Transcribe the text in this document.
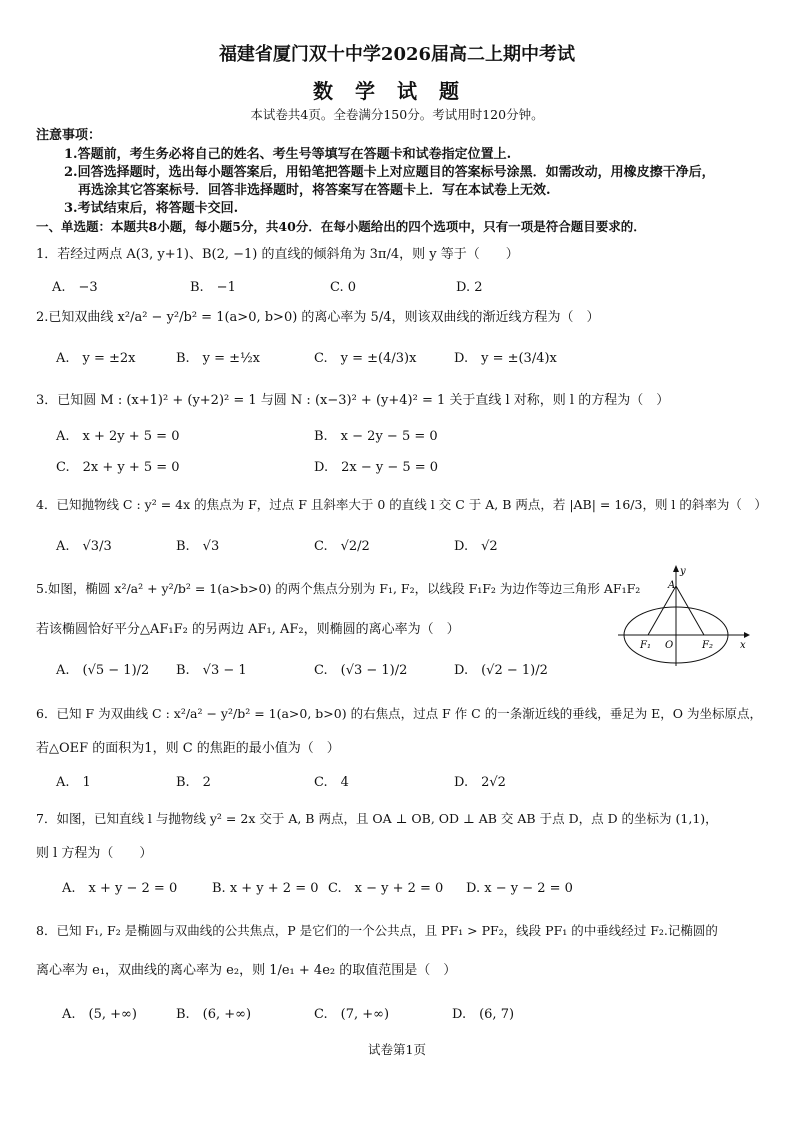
福建省厦门双十中学2026届高二上期中考试
数学试题
本试卷共4页。全卷满分150分。考试用时120分钟。
注意事项：
1.答题前，考生务必将自己的姓名、考生号等填写在答题卡和试卷指定位置上.
2.回答选择题时，选出每小题答案后，用铅笔把答题卡上对应题目的答案标号涂黑．如需改动，用橡皮擦干净后，
再选涂其它答案标号．回答非选择题时，将答案写在答题卡上．写在本试卷上无效.
3.考试结束后，将答题卡交回.
一、单选题：本题共8小题，每小题5分，共40分．在每小题给出的四个选项中，只有一项是符合题目要求的．
1．若经过两点 A(3, y+1)、B(2, −1) 的直线的倾斜角为 3π/4，则 y 等于（　　）
A.　−3	B.　−1	C. 0	D. 2
2.已知双曲线 x²/a² − y²/b² = 1(a>0, b>0) 的离心率为 5/4，则该双曲线的渐近线方程为（　）
A.　y = ±2x	B.　y = ±½x	C.　y = ±(4/3)x	D.　y = ±(3/4)x
3．已知圆 M : (x+1)² + (y+2)² = 1 与圆 N : (x−3)² + (y+4)² = 1 关于直线 l 对称，则 l 的方程为（　）
A.　x + 2y + 5 = 0	B.　x − 2y − 5 = 0
C.　2x + y + 5 = 0	D.　2x − y − 5 = 0
4．已知抛物线 C : y² = 4x 的焦点为 F，过点 F 且斜率大于 0 的直线 l 交 C 于 A, B 两点，若 |AB| = 16/3，则 l 的斜率为（　）
A.　√3/3	B.　√3	C.　√2/2	D.　√2
5.如图，椭圆 x²/a² + y²/b² = 1(a>b>0) 的两个焦点分别为 F₁, F₂，以线段 F₁F₂ 为边作等边三角形 AF₁F₂
若该椭圆恰好平分△AF₁F₂ 的另两边 AF₁, AF₂，则椭圆的离心率为（　）
A.　(√5 − 1)/2 B.　√3 − 1	C.　(√3 − 1)/2	D.　(√2 − 1)/2
y
A
F₁ O	F₂	x
6．已知 F 为双曲线 C : x²/a² − y²/b² = 1(a>0, b>0) 的右焦点，过点 F 作 C 的一条渐近线的垂线，垂足为 E，O 为坐标原点，
若△OEF 的面积为1，则 C 的焦距的最小值为（　）
A.　1	B.　2	C.　4	D.　2√2
7．如图，已知直线 l 与抛物线 y² = 2x 交于 A, B 两点，且 OA ⊥ OB, OD ⊥ AB 交 AB 于点 D，点 D 的坐标为 (1,1)，
则 l 方程为（　　）
A.　x + y − 2 = 0	B. x + y + 2 = 0 C.　x − y + 2 = 0 D. x − y − 2 = 0
8．已知 F₁, F₂ 是椭圆与双曲线的公共焦点，P 是它们的一个公共点，且 PF₁ > PF₂，线段 PF₁ 的中垂线经过 F₂.记椭圆的
离心率为 e₁，双曲线的离心率为 e₂，则 1/e₁ + 4e₂ 的取值范围是（　）
A.　(5, +∞)	B.　(6, +∞)	C.　(7, +∞)	D.　(6, 7)
试卷第1页
